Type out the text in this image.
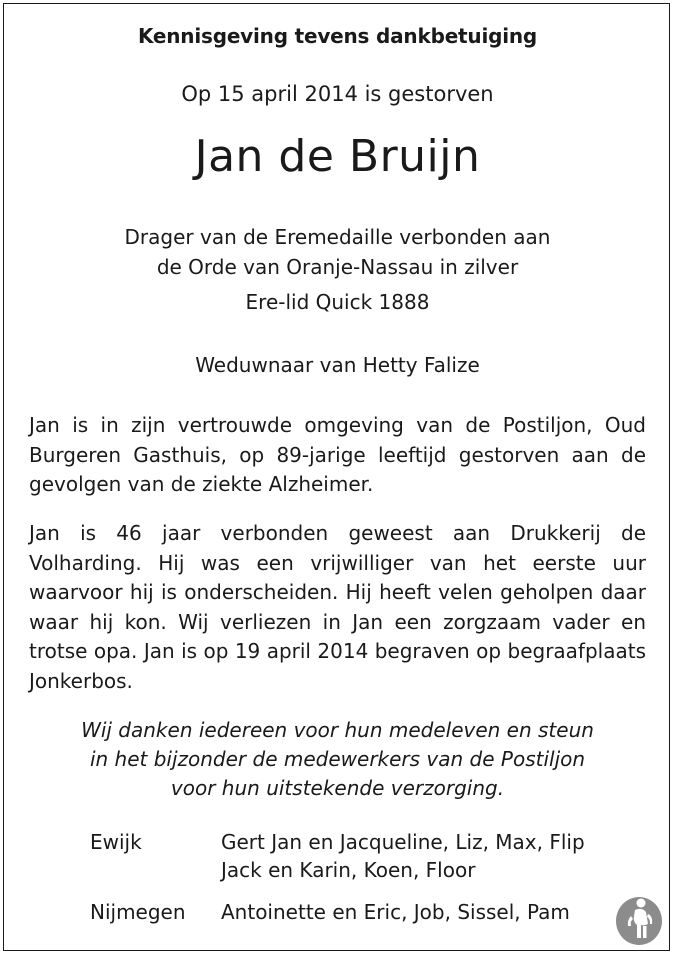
Kennisgeving tevens dankbetuiging
Op 15 april 2014 is gestorven
Jan de Bruijn
Drager van de Eremedaille verbonden aan
de Orde van Oranje-Nassau in zilver
Ere-lid Quick 1888
Weduwnaar van Hetty Falize
Jan is in zijn vertrouwde omgeving van de Postiljon, Oud Burgeren Gasthuis, op 89-jarige leeftijd gestorven aan de gevolgen van de ziekte Alzheimer.
Jan is 46 jaar verbonden geweest aan Drukkerij de Volharding. Hij was een vrijwilliger van het eerste uur waarvoor hij is onderscheiden. Hij heeft velen geholpen daar waar hij kon. Wij verliezen in Jan een zorgzaam vader en trotse opa. Jan is op 19 april 2014 begraven op begraafplaats Jonkerbos.
Wij danken iedereen voor hun medeleven en steun
in het bijzonder de medewerkers van de Postiljon
voor hun uitstekende verzorging.
Ewijk	Gert Jan en Jacqueline, Liz, Max, Flip
Jack en Karin, Koen, Floor
Nijmegen Antoinette en Eric, Job, Sissel, Pam
